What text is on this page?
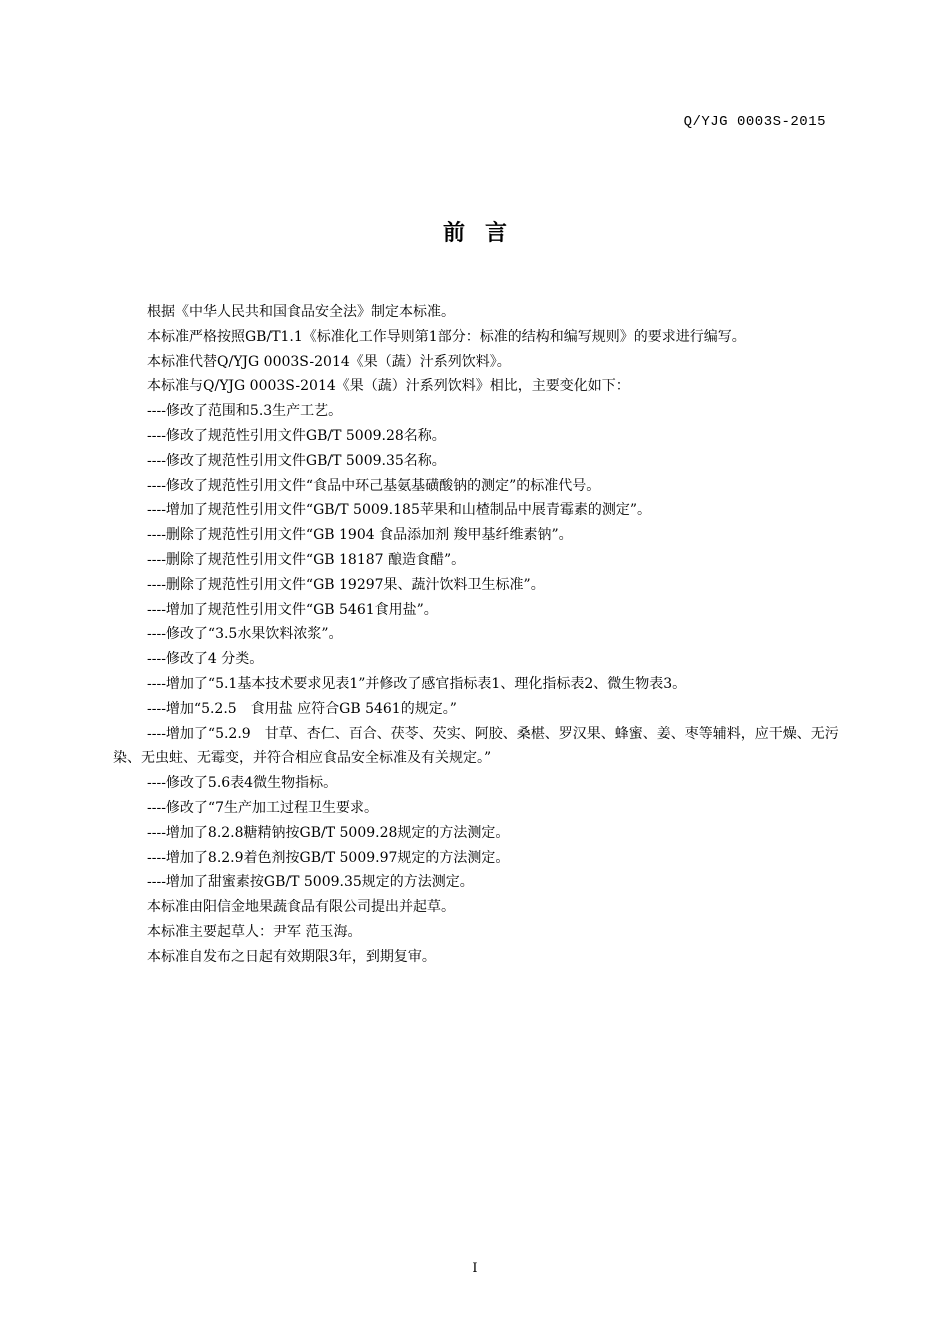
Q/YJG 0003S-2015
前言

根据《中华人民共和国食品安全法》制定本标准。

本标准严格按照GB/T1.1《标准化工作导则第1部分：标准的结构和编写规则》的要求进行编写。

本标准代替Q/YJG 0003S-2014《果（蔬）汁系列饮料》。

本标准与Q/YJG 0003S-2014《果（蔬）汁系列饮料》相比，主要变化如下：

----修改了范围和5.3生产工艺。

----修改了规范性引用文件GB/T 5009.28名称。

----修改了规范性引用文件GB/T 5009.35名称。

----修改了规范性引用文件“食品中环己基氨基磺酸钠的测定”的标准代号。

----增加了规范性引用文件“GB/T 5009.185苹果和山楂制品中展青霉素的测定”。

----删除了规范性引用文件“GB 1904 食品添加剂 羧甲基纤维素钠”。

----删除了规范性引用文件“GB 18187 酿造食醋”。

----删除了规范性引用文件“GB 19297果、蔬汁饮料卫生标准”。

----增加了规范性引用文件“GB 5461食用盐”。

----修改了“3.5水果饮料浓浆”。

----修改了4 分类。

----增加了“5.1基本技术要求见表1”并修改了感官指标表1、理化指标表2、微生物表3。

----增加“5.2.5　食用盐 应符合GB 5461的规定。”

----增加了“5.2.9　甘草、杏仁、百合、茯苓、芡实、阿胶、桑椹、罗汉果、蜂蜜、姜、枣等辅料，应干燥、无污染、无虫蛀、无霉变，并符合相应食品安全标准及有关规定。”

----修改了5.6表4微生物指标。

----修改了“7生产加工过程卫生要求。

----增加了8.2.8糖精钠按GB/T 5009.28规定的方法测定。

----增加了8.2.9着色剂按GB/T 5009.97规定的方法测定。

----增加了甜蜜素按GB/T 5009.35规定的方法测定。

本标准由阳信金地果蔬食品有限公司提出并起草。

本标准主要起草人：尹军 范玉海。

本标准自发布之日起有效期限3年，到期复审。

I
